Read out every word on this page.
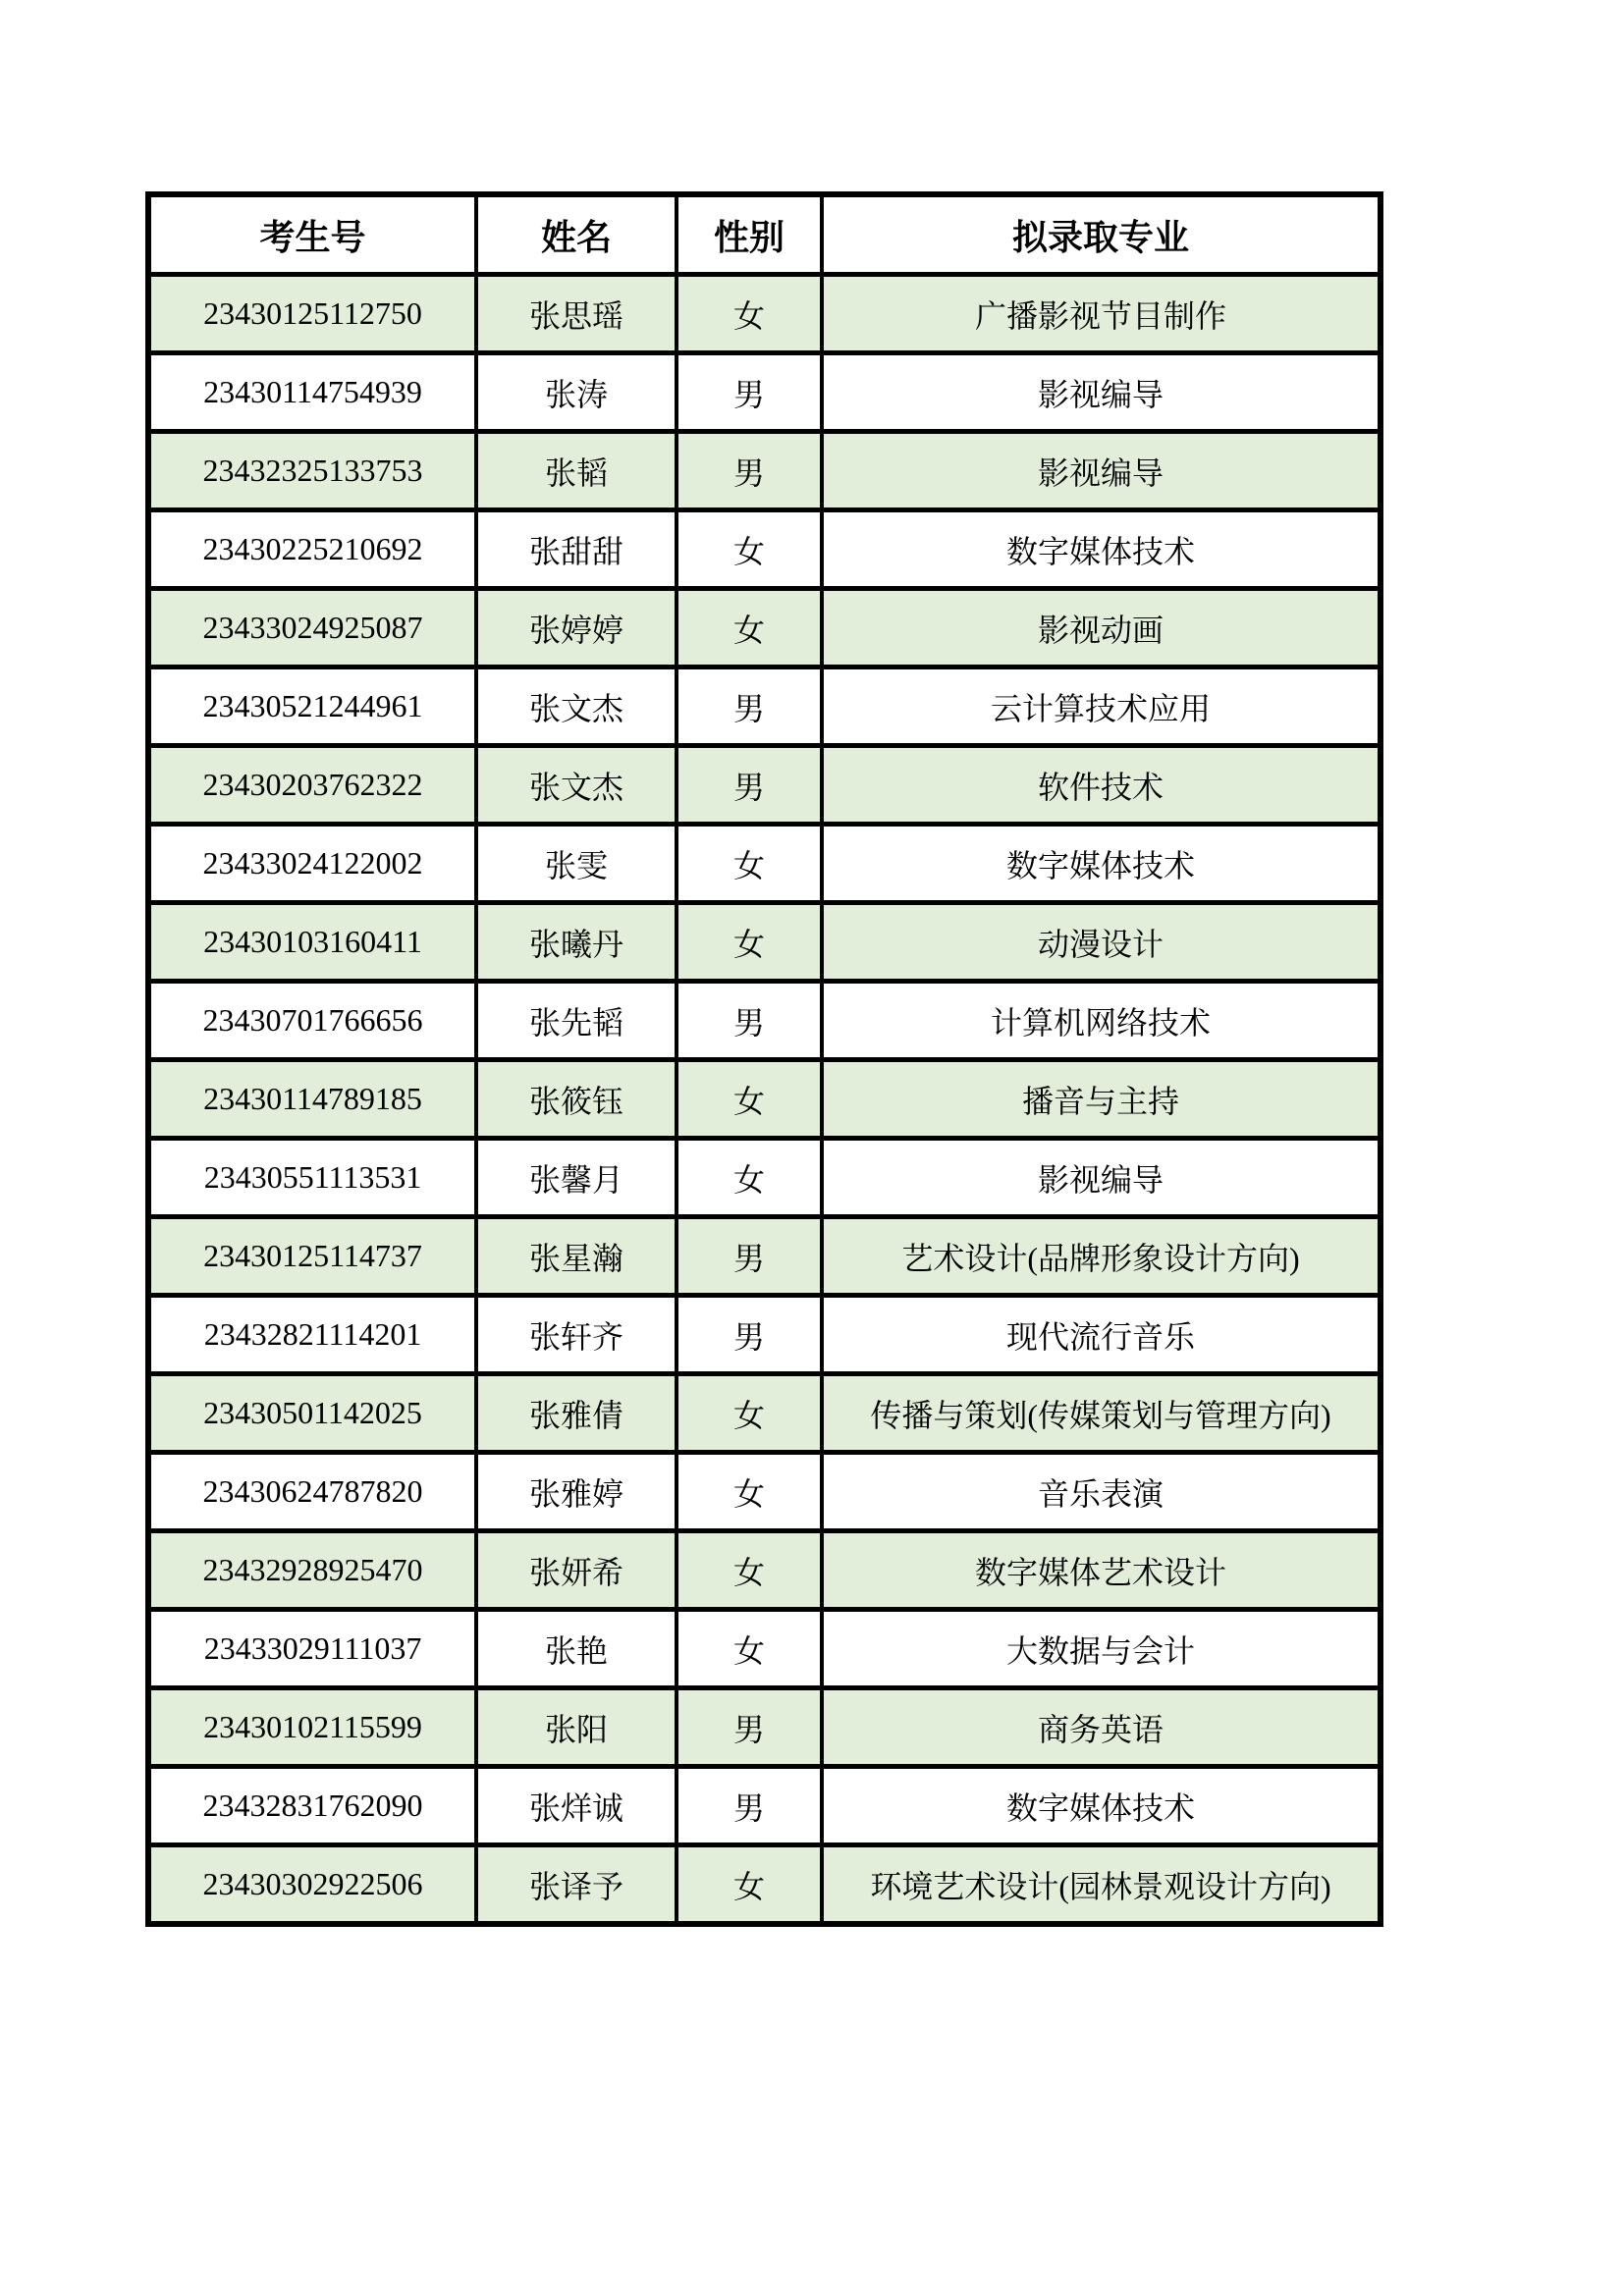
考生号	姓名	性别	拟录取专业
23430125112750	张思瑶	女	广播影视节目制作
23430114754939	张涛	男	影视编导
23432325133753	张韬	男	影视编导
23430225210692	张甜甜	女	数字媒体技术
23433024925087	张婷婷	女	影视动画
23430521244961	张文杰	男	云计算技术应用
23430203762322	张文杰	男	软件技术
23433024122002	张雯	女	数字媒体技术
23430103160411	张曦丹	女	动漫设计
23430701766656	张先韬	男	计算机网络技术
23430114789185	张筱钰	女	播音与主持
23430551113531	张馨月	女	影视编导
23430125114737	张星瀚	男	艺术设计(品牌形象设计方向)
23432821114201	张轩齐	男	现代流行音乐
23430501142025	张雅倩	女	传播与策划(传媒策划与管理方向)
23430624787820	张雅婷	女	音乐表演
23432928925470	张妍希	女	数字媒体艺术设计
23433029111037	张艳	女	大数据与会计
23430102115599	张阳	男	商务英语
23432831762090	张烊诚	男	数字媒体技术
23430302922506	张译予	女	环境艺术设计(园林景观设计方向)
